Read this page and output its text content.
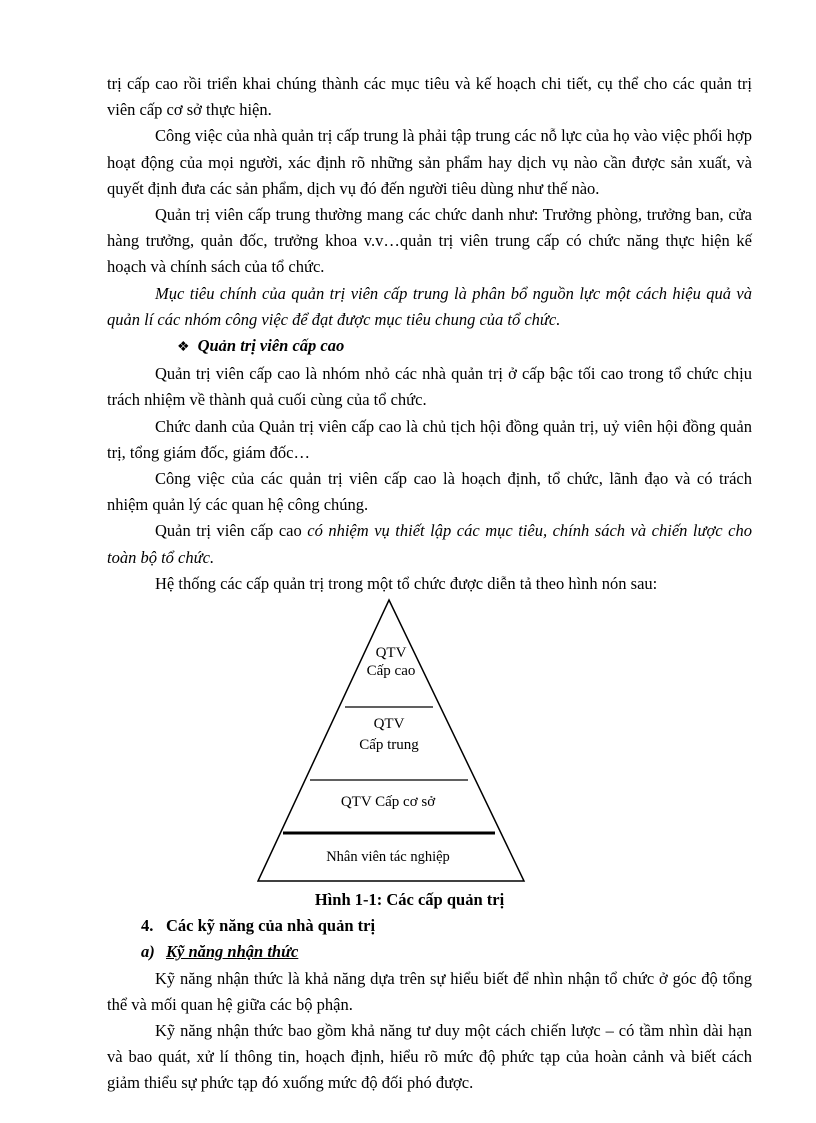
trị cấp cao rồi triển khai chúng thành các mục tiêu và kế hoạch chi tiết, cụ thể cho các quản trị viên cấp cơ sở thực hiện.

Công việc của nhà quản trị cấp trung là phải tập trung các nỗ lực của họ vào việc phối hợp hoạt động của mọi người, xác định rõ những sản phẩm hay dịch vụ nào cần được sản xuất, và quyết định đưa các sản phẩm, dịch vụ đó đến người tiêu dùng như thế nào.

Quản trị viên cấp trung thường mang các chức danh như: Trưởng phòng, trưởng ban, cửa hàng trưởng, quản đốc, trưởng khoa v.v…quản trị viên trung cấp có chức năng thực hiện kế hoạch và chính sách của tổ chức.

Mục tiêu chính của quản trị viên cấp trung là phân bổ nguồn lực một cách hiệu quả và quản lí các nhóm công việc để đạt được mục tiêu chung của tổ chức.

❖ Quản trị viên cấp cao

Quản trị viên cấp cao là nhóm nhỏ các nhà quản trị ở cấp bậc tối cao trong tổ chức chịu trách nhiệm về thành quả cuối cùng của tổ chức.

Chức danh của Quản trị viên cấp cao là chủ tịch hội đồng quản trị, uỷ viên hội đồng quản trị, tổng giám đốc, giám đốc…

Công việc của các quản trị viên cấp cao là hoạch định, tổ chức, lãnh đạo và có trách nhiệm quản lý các quan hệ công chúng.

Quản trị viên cấp cao có nhiệm vụ thiết lập các mục tiêu, chính sách và chiến lược cho toàn bộ tổ chức.

Hệ thống các cấp quản trị trong một tổ chức được diễn tả theo hình nón sau:

QTV
Cấp cao
QTV
Cấp trung
QTV Cấp cơ sở
Nhân viên tác nghiệp

Hình 1-1: Các cấp quản trị

4. Các kỹ năng của nhà quản trị

a) Kỹ năng nhận thức

Kỹ năng nhận thức là khả năng dựa trên sự hiểu biết để nhìn nhận tổ chức ở góc độ tổng thể và mối quan hệ giữa các bộ phận.

Kỹ năng nhận thức bao gồm khả năng tư duy một cách chiến lược – có tầm nhìn dài hạn và bao quát, xử lí thông tin, hoạch định, hiểu rõ mức độ phức tạp của hoàn cảnh và biết cách giảm thiểu sự phức tạp đó xuống mức độ đối phó được.
